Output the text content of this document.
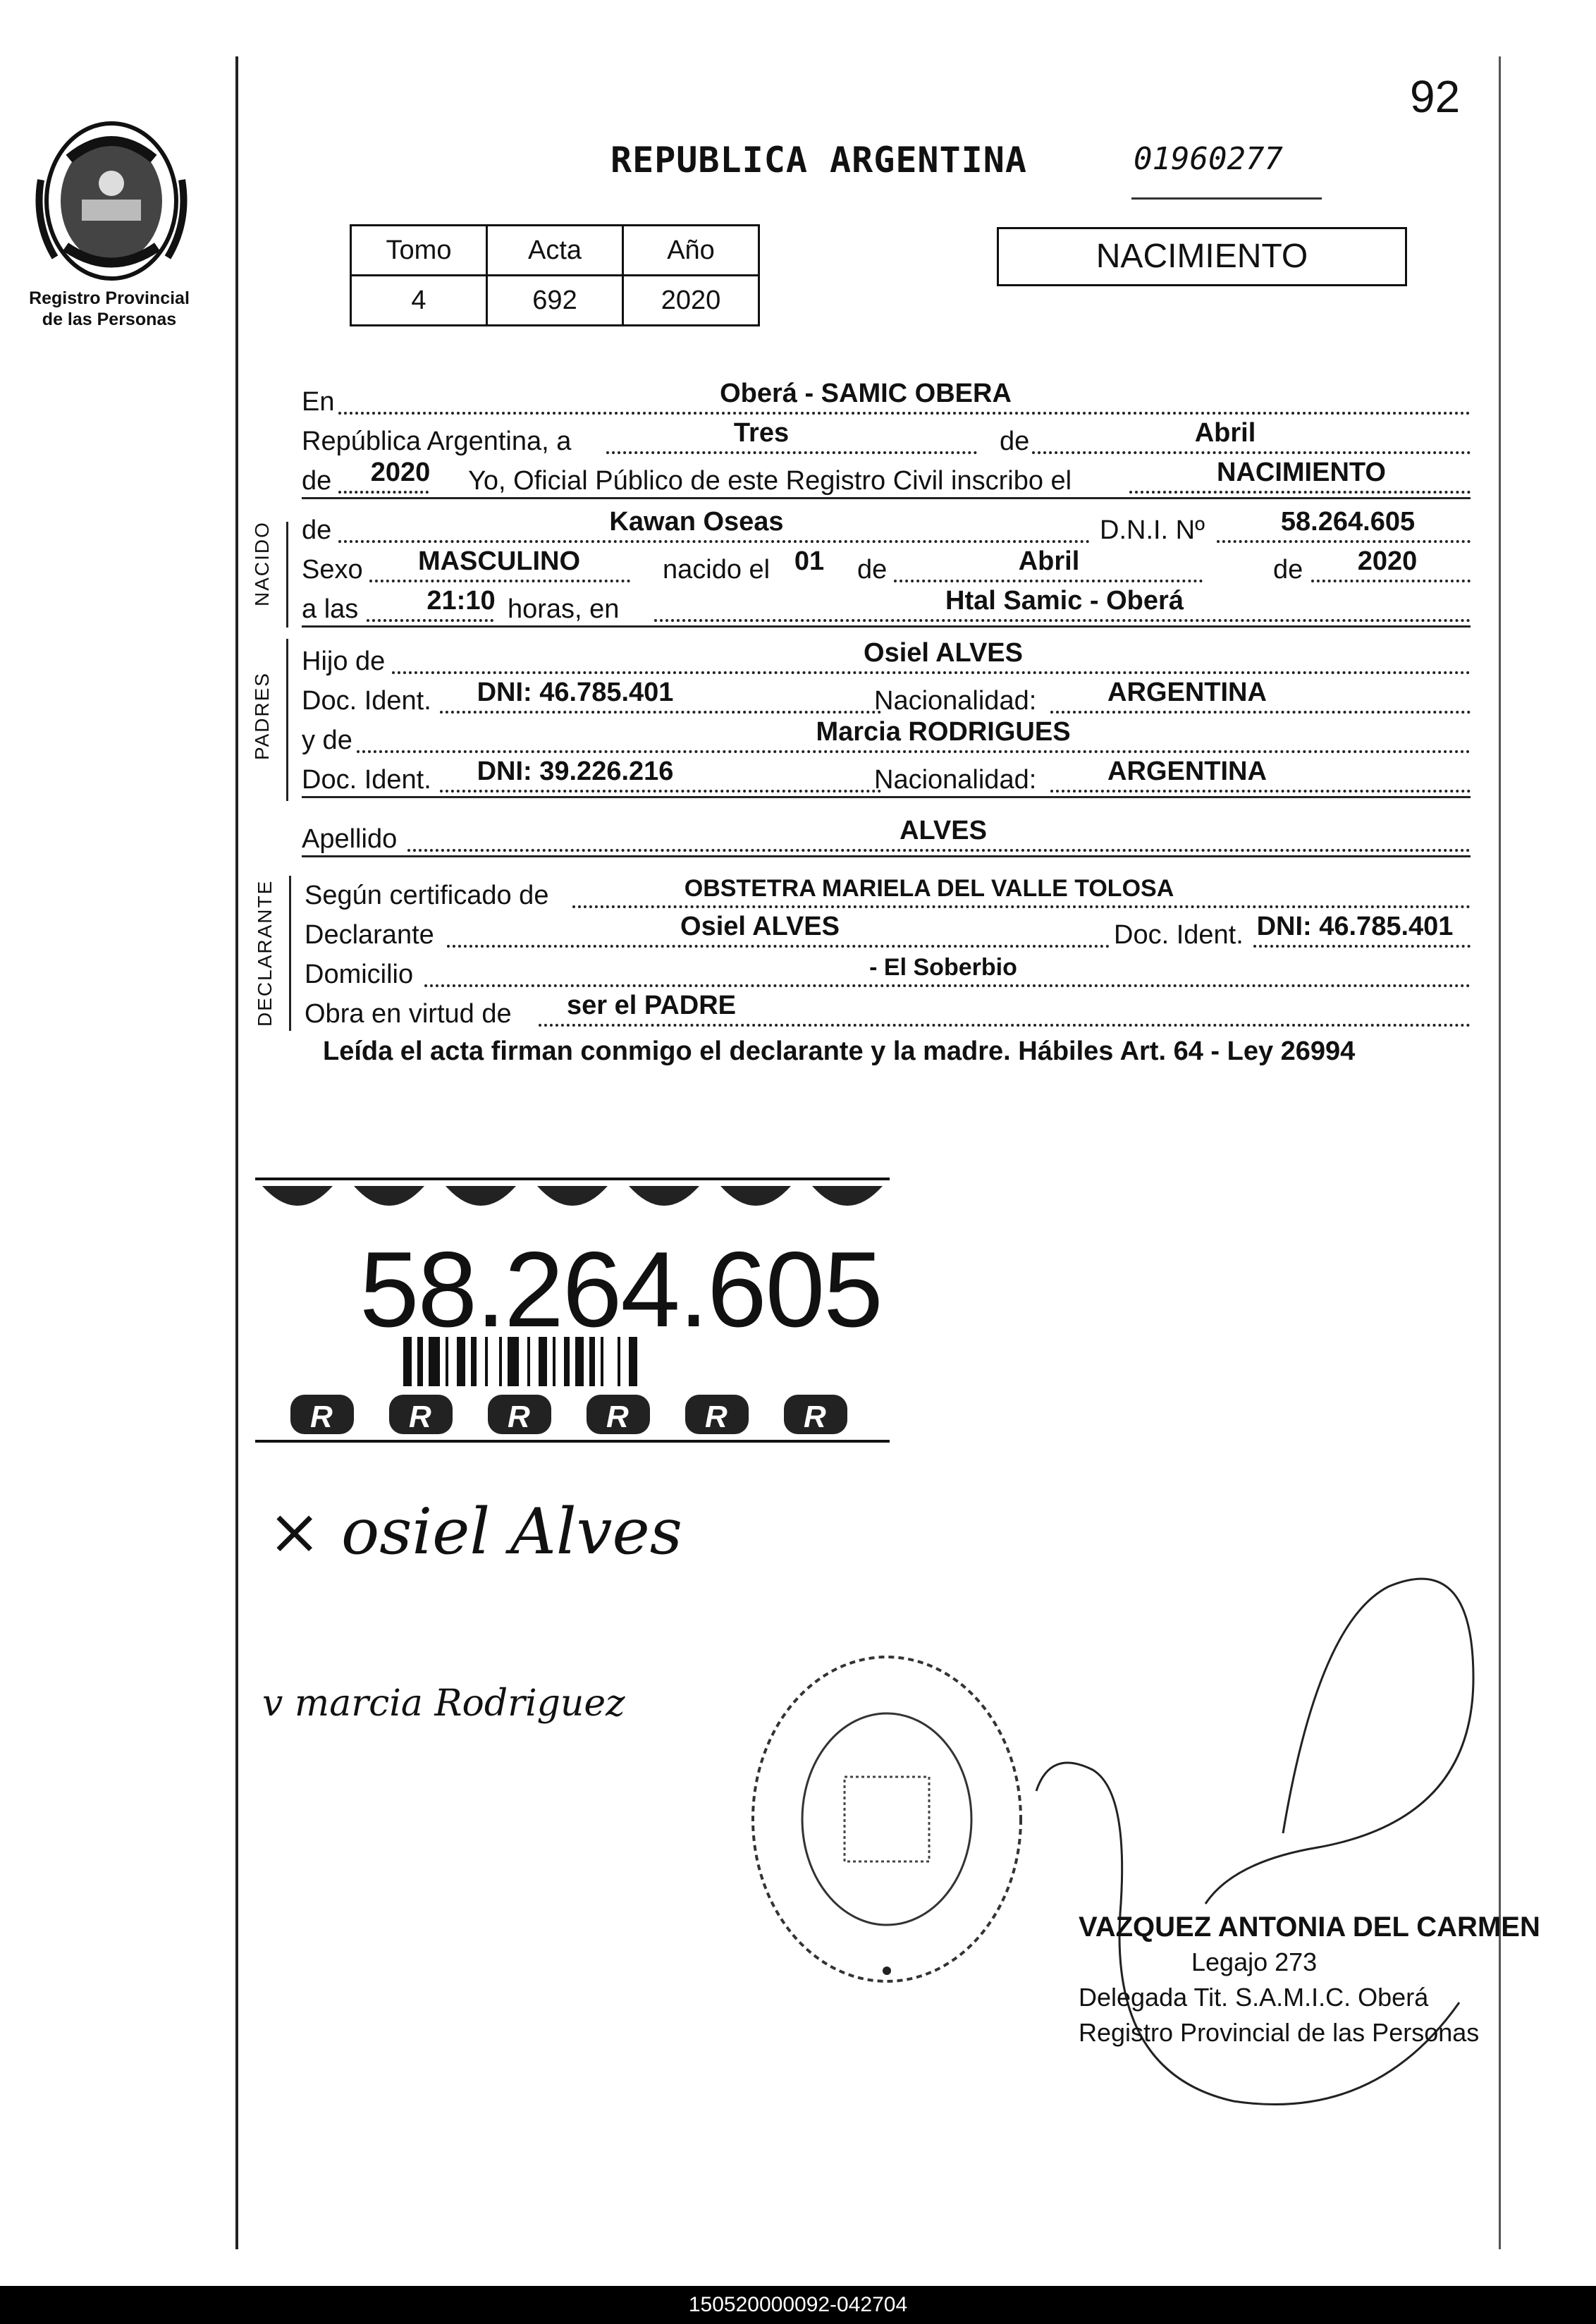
92
Registro Provincial
de las Personas
REPUBLICA ARGENTINA	01960277
Tomo	Acta	Año
4	692	2020
NACIMIENTO
En	Oberá - SAMIC OBERA
República Argentina, a	Tres	de	Abril
de 2020 Yo, Oficial Público de este Registro Civil inscribo el	NACIMIENTO
NACIDO de	Kawan Oseas	D.N.I. Nº	58.264.605
Sexo MASCULINO	nacido el 01 de	Abril	de 2020
a las	21:10 horas, en	Htal Samic - Oberá
PADRES
Hijo de	Osiel ALVES
Doc. Ident. DNI: 46.785.401	Nacionalidad:	ARGENTINA
y de	Marcia RODRIGUES
Doc. Ident. DNI: 39.226.216	Nacionalidad:	ARGENTINA
Apellido	ALVES
DECLARANTE Según certificado de	OBSTETRA MARIELA DEL VALLE TOLOSA
Declarante	Osiel ALVES	Doc. Ident. DNI: 46.785.401
Domicilio	- El Soberbio
Obra en virtud de ser el PADRE
Leída el acta firman conmigo el declarante y la madre. Hábiles Art. 64 - Ley 26994
R R R R R R
58.264.605
× osiel Alves
v marcia Rodriguez
VAZQUEZ ANTONIA DEL CARMEN
Legajo 273
Delegada Tit. S.A.M.I.C. Oberá
Registro Provincial de las Personas
150520000092-042704
